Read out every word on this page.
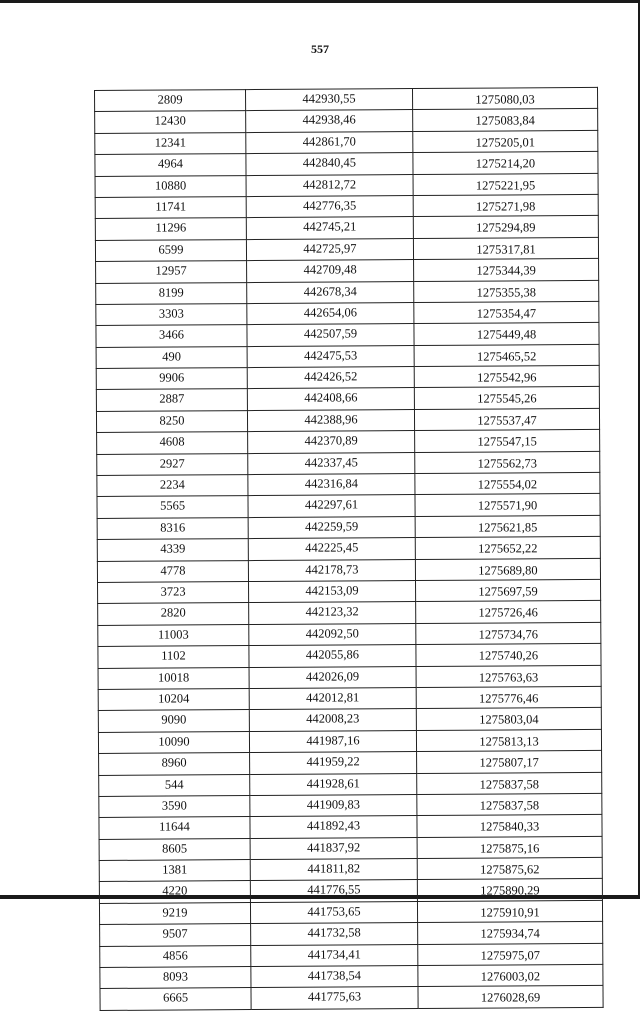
557
2809	442930,55	1275080,03
12430	442938,46	1275083,84
12341	442861,70	1275205,01
4964	442840,45	1275214,20
10880	442812,72	1275221,95
11741	442776,35	1275271,98
11296	442745,21	1275294,89
6599	442725,97	1275317,81
12957	442709,48	1275344,39
8199	442678,34	1275355,38
3303	442654,06	1275354,47
3466	442507,59	1275449,48
490	442475,53	1275465,52
9906	442426,52	1275542,96
2887	442408,66	1275545,26
8250	442388,96	1275537,47
4608	442370,89	1275547,15
2927	442337,45	1275562,73
2234	442316,84	1275554,02
5565	442297,61	1275571,90
8316	442259,59	1275621,85
4339	442225,45	1275652,22
4778	442178,73	1275689,80
3723	442153,09	1275697,59
2820	442123,32	1275726,46
11003	442092,50	1275734,76
1102	442055,86	1275740,26
10018	442026,09	1275763,63
10204	442012,81	1275776,46
9090	442008,23	1275803,04
10090	441987,16	1275813,13
8960	441959,22	1275807,17
544	441928,61	1275837,58
3590	441909,83	1275837,58
11644	441892,43	1275840,33
8605	441837,92	1275875,16
1381	441811,82	1275875,62
4220	441776,55	1275890,29
9219	441753,65	1275910,91
9507	441732,58	1275934,74
4856	441734,41	1275975,07
8093	441738,54	1276003,02
6665	441775,63	1276028,69
